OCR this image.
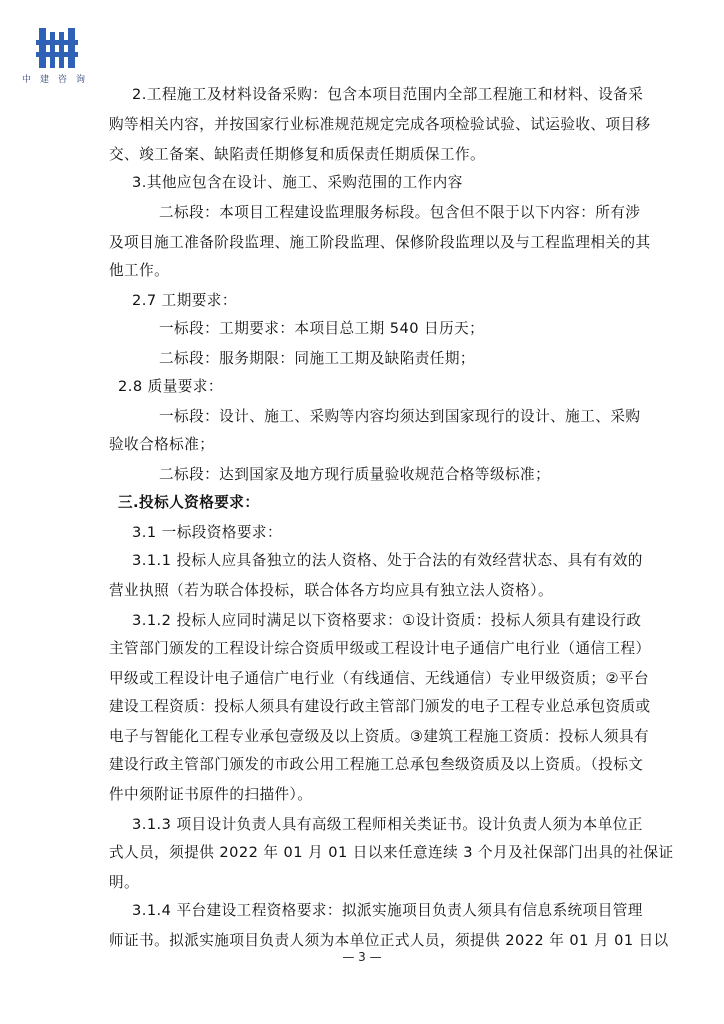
中建咨询
2.工程施工及材料设备采购：包含本项目范围内全部工程施工和材料、设备采
购等相关内容，并按国家行业标准规范规定完成各项检验试验、试运验收、项目移
交、竣工备案、缺陷责任期修复和质保责任期质保工作。
3.其他应包含在设计、施工、采购范围的工作内容
二标段：本项目工程建设监理服务标段。包含但不限于以下内容：所有涉
及项目施工准备阶段监理、施工阶段监理、保修阶段监理以及与工程监理相关的其
他工作。
2.7 工期要求：
一标段：工期要求：本项目总工期 540 日历天；
二标段：服务期限：同施工工期及缺陷责任期；
2.8 质量要求：
一标段：设计、施工、采购等内容均须达到国家现行的设计、施工、采购
验收合格标准；
二标段：达到国家及地方现行质量验收规范合格等级标准；
三.投标人资格要求：
3.1 一标段资格要求：
3.1.1 投标人应具备独立的法人资格、处于合法的有效经营状态、具有有效的
营业执照（若为联合体投标，联合体各方均应具有独立法人资格）。
3.1.2 投标人应同时满足以下资格要求：①设计资质：投标人须具有建设行政
主管部门颁发的工程设计综合资质甲级或工程设计电子通信广电行业（通信工程）
甲级或工程设计电子通信广电行业（有线通信、无线通信）专业甲级资质；②平台
建设工程资质：投标人须具有建设行政主管部门颁发的电子工程专业总承包资质或
电子与智能化工程专业承包壹级及以上资质。③建筑工程施工资质：投标人须具有
建设行政主管部门颁发的市政公用工程施工总承包叁级资质及以上资质。（投标文
件中须附证书原件的扫描件）。
3.1.3 项目设计负责人具有高级工程师相关类证书。设计负责人须为本单位正
式人员，须提供 2022 年 01 月 01 日以来任意连续 3 个月及社保部门出具的社保证
明。
3.1.4 平台建设工程资格要求：拟派实施项目负责人须具有信息系统项目管理
师证书。拟派实施项目负责人须为本单位正式人员，须提供 2022 年 01 月 01 日以
— 3 —
